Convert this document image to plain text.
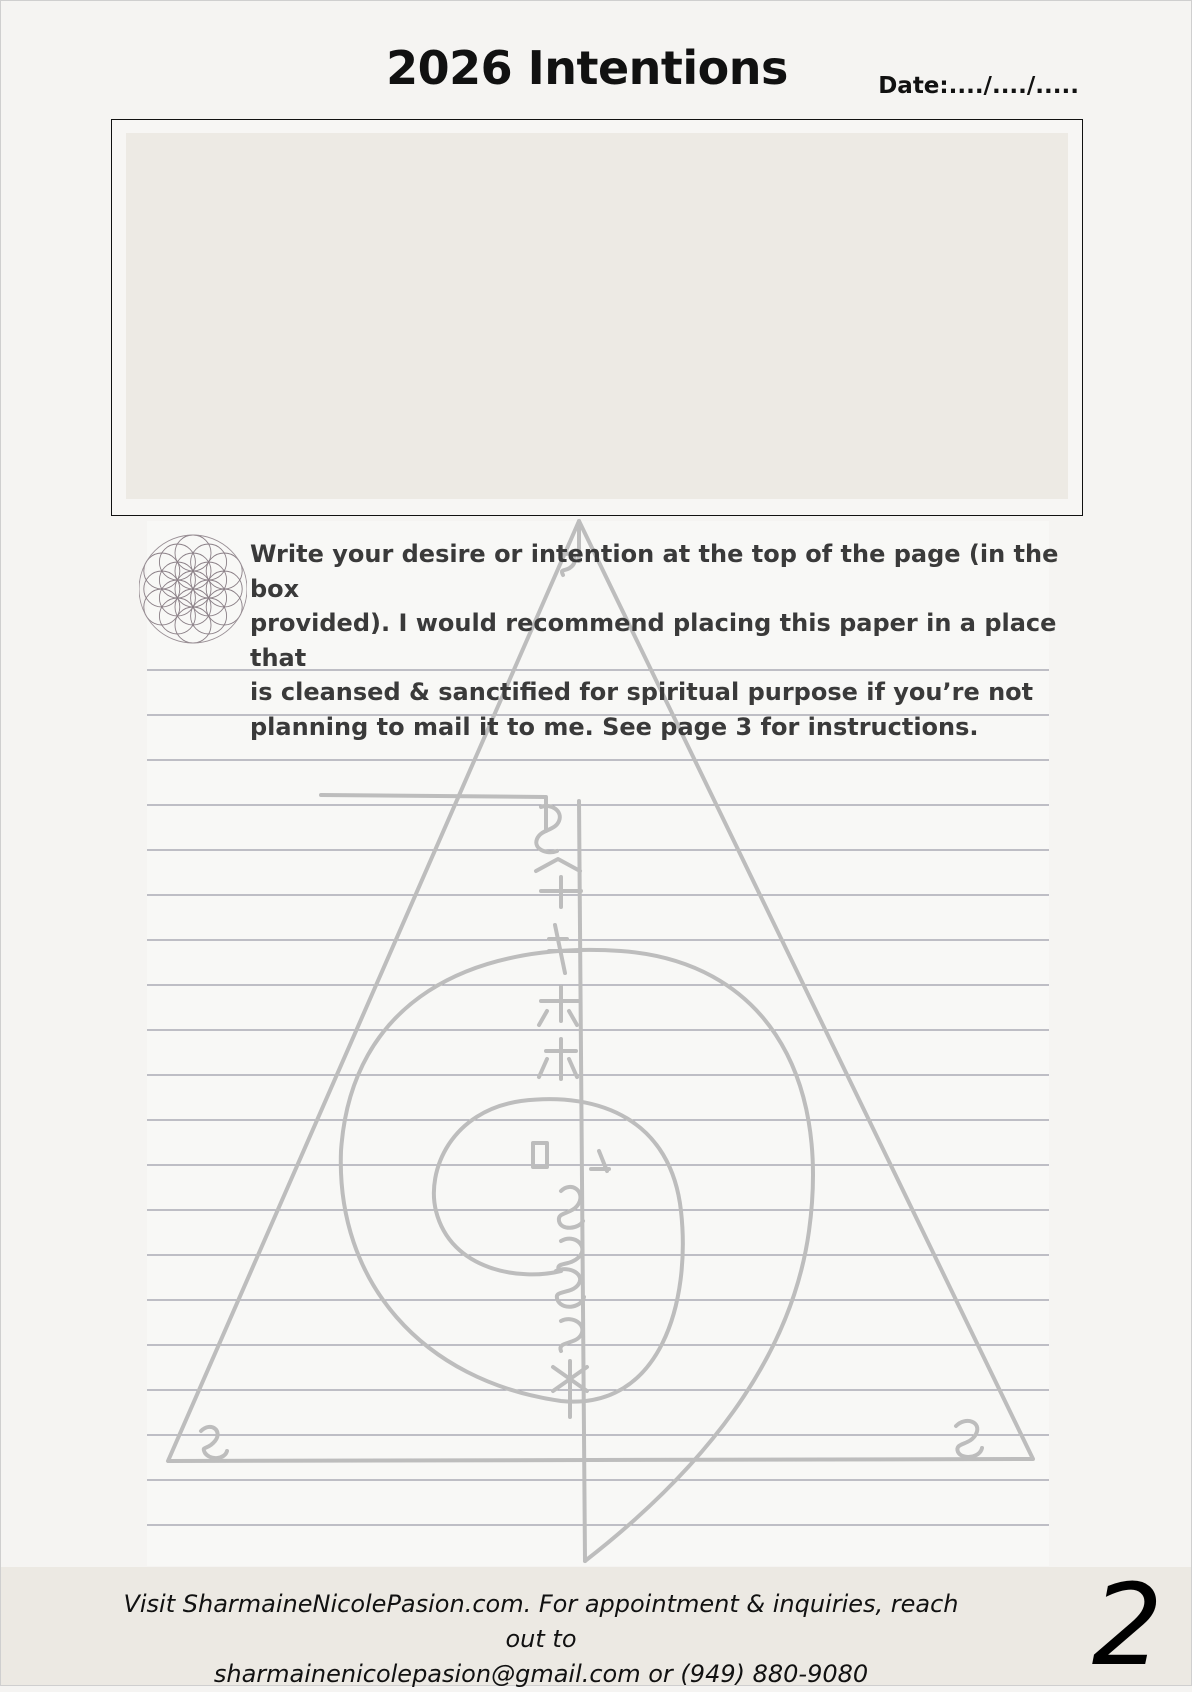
2026 Intentions	Date:..../..../.....
Write your desire or intention at the top of the page (in the box
provided). I would recommend placing this paper in a place that
is cleansed & sanctified for spiritual purpose if you’re not
planning to mail it to me. See page 3 for instructions.
Visit SharmaineNicolePasion.com. For appointment & inquiries, reach out to
sharmainenicolepasion@gmail.com or (949) 880-9080	2
